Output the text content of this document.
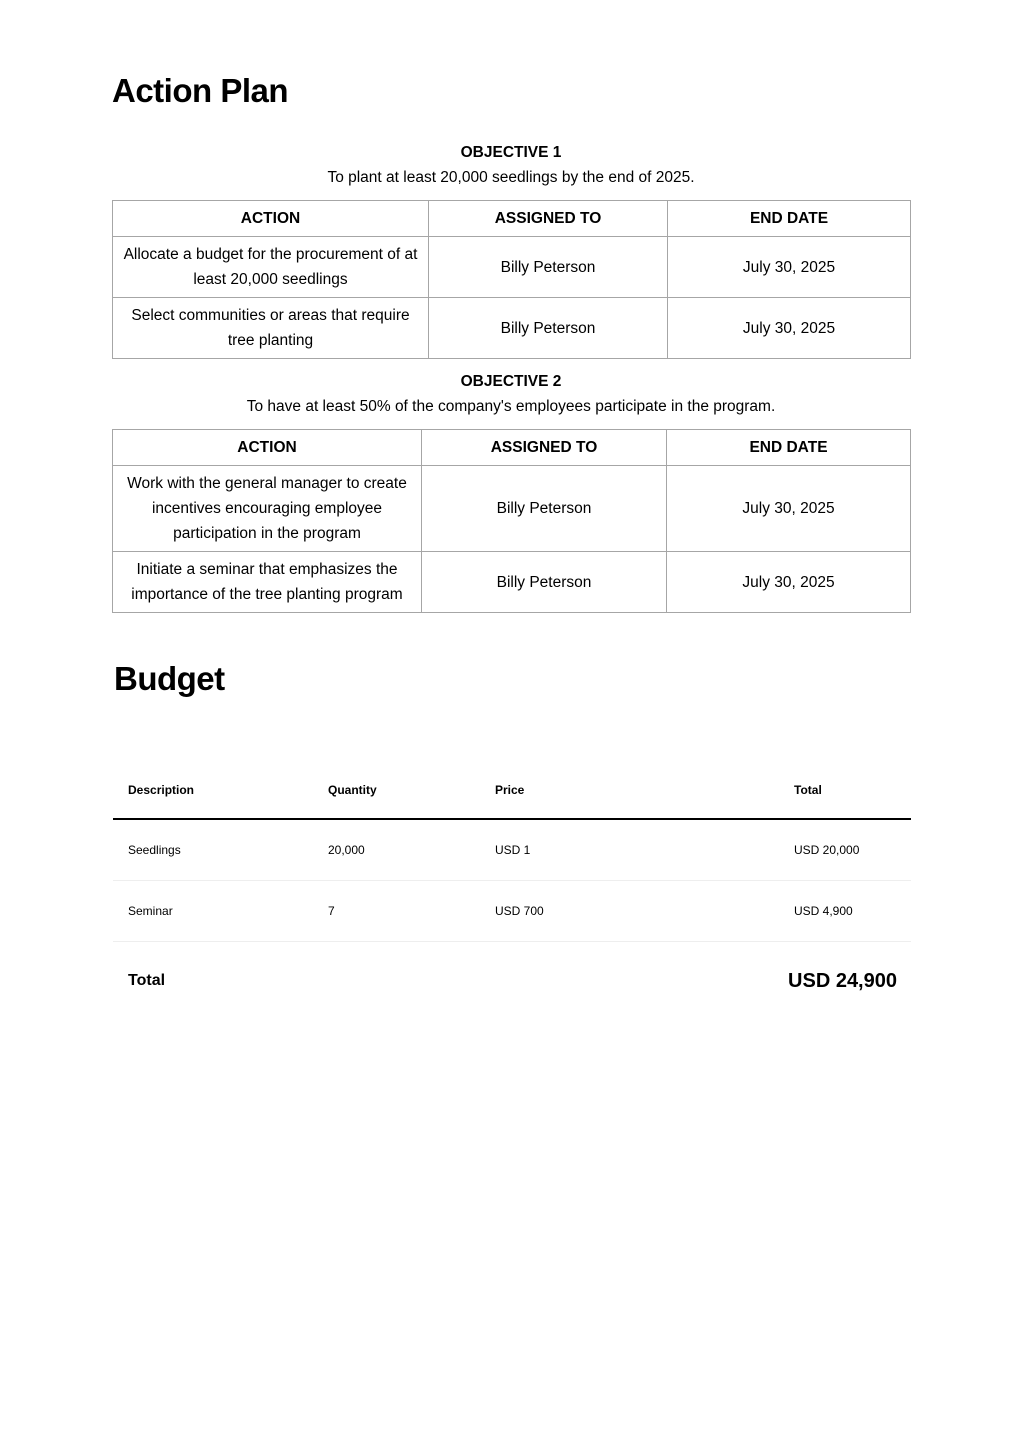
Action Plan
OBJECTIVE 1
To plant at least 20,000 seedlings by the end of 2025.
ACTION	ASSIGNED TO	END DATE
Allocate a budget for the procurement of at least 20,000 seedlings	Billy Peterson	July 30, 2025
Select communities or areas that require tree planting	Billy Peterson	July 30, 2025
OBJECTIVE 2
To have at least 50% of the company's employees participate in the program.
ACTION	ASSIGNED TO	END DATE
Work with the general manager to create incentives encouraging employee participation in the program	Billy Peterson	July 30, 2025
Initiate a seminar that emphasizes the importance of the tree planting program	Billy Peterson	July 30, 2025
Budget
Description	Quantity	Price	Total
Seedlings	20,000	USD 1	USD 20,000
Seminar	7	USD 700	USD 4,900
Total	USD 24,900
